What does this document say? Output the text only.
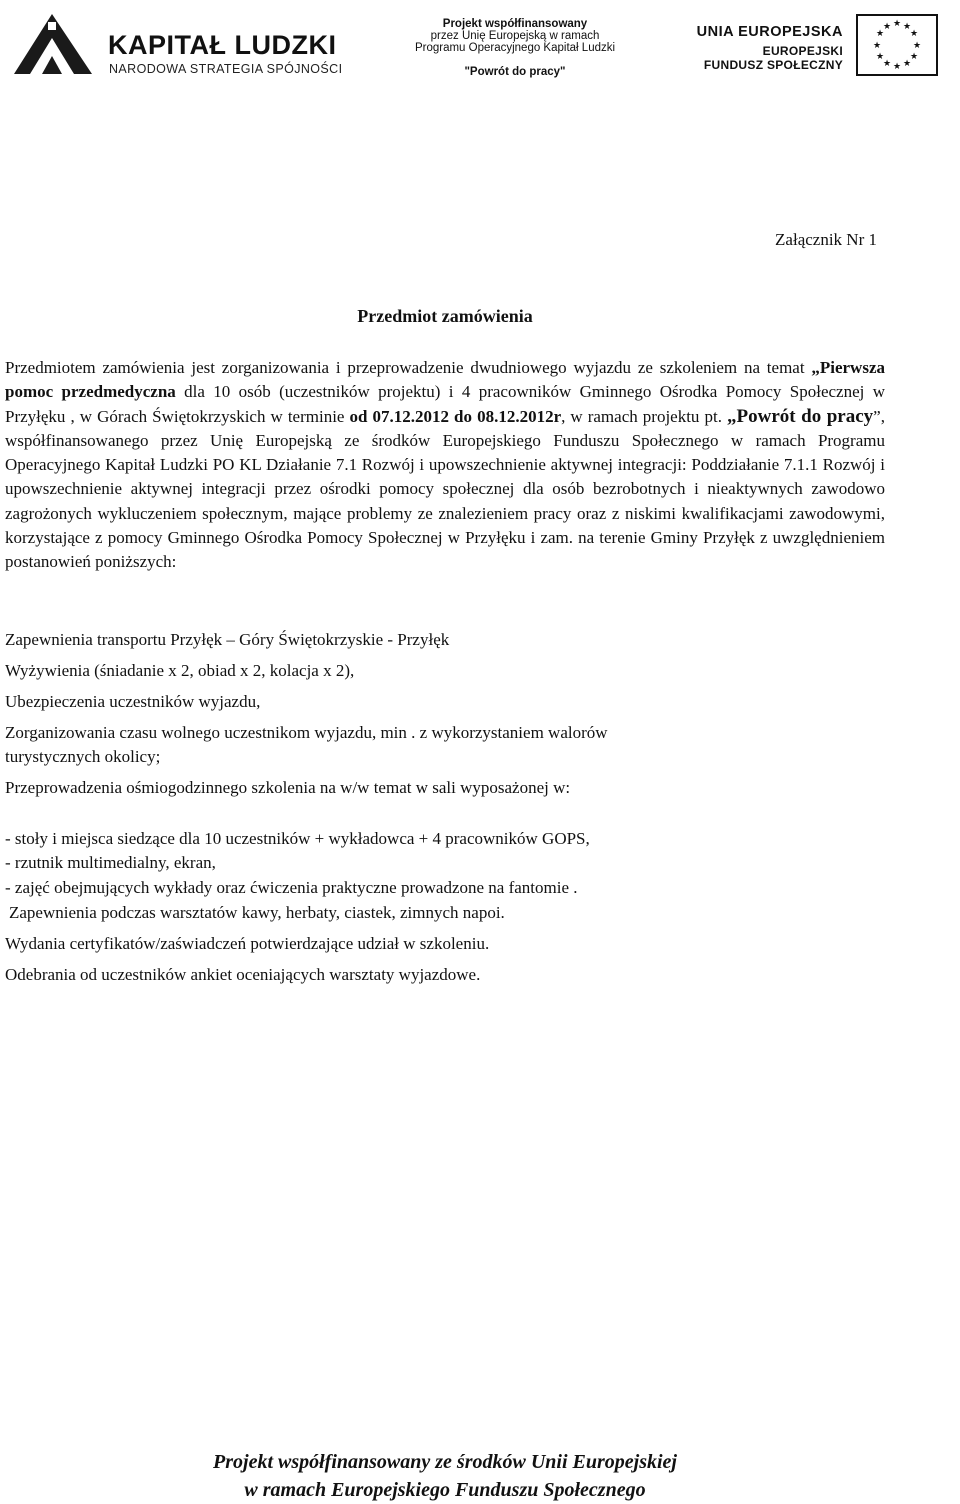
KAPITAŁ LUDZKI
NARODOWA STRATEGIA SPÓJNOŚCI
Projekt współfinansowany
przez Unię Europejską w ramach
Programu Operacyjnego Kapitał Ludzki
"Powrót do pracy"
UNIA EUROPEJSKA
EUROPEJSKI
FUNDUSZ SPOŁECZNY
★ ★
★
★
★
★
★
★
★
★
★
★
Załącznik Nr 1
Przedmiot zamówienia
Przedmiotem zamówienia jest zorganizowania i przeprowadzenie dwudniowego wyjazdu ze szkoleniem na temat „Pierwsza pomoc przedmedyczna dla 10 osób (uczestników projektu) i 4 pracowników Gminnego Ośrodka Pomocy Społecznej w Przyłęku , w Górach Świętokrzyskich w terminie od 07.12.2012 do 08.12.2012r, w ramach projektu pt. „Powrót do pracy”, współfinansowanego przez Unię Europejską ze środków Europejskiego Funduszu Społecznego w ramach Programu Operacyjnego Kapitał Ludzki PO KL Działanie 7.1 Rozwój i upowszechnienie aktywnej integracji: Poddziałanie 7.1.1 Rozwój i upowszechnienie aktywnej integracji przez ośrodki pomocy społecznej dla osób bezrobotnych i nieaktywnych zawodowo zagrożonych wykluczeniem społecznym, mające problemy ze znalezieniem pracy oraz z niskimi kwalifikacjami zawodowymi, korzystające z pomocy Gminnego Ośrodka Pomocy Społecznej w Przyłęku i zam. na terenie Gminy Przyłęk z uwzględnieniem postanowień poniższych:
Zapewnienia transportu Przyłęk – Góry Świętokrzyskie - Przyłęk
Wyżywienia (śniadanie x 2, obiad x 2, kolacja x 2),
Ubezpieczenia uczestników wyjazdu,
Zorganizowania czasu wolnego uczestnikom wyjazdu, min . z wykorzystaniem walorów
turystycznych okolicy;
Przeprowadzenia ośmiogodzinnego szkolenia na w/w temat w sali wyposażonej w:
- stoły i miejsca siedzące dla 10 uczestników + wykładowca + 4 pracowników GOPS,
- rzutnik multimedialny, ekran,
- zajęć obejmujących wykłady oraz ćwiczenia praktyczne prowadzone na fantomie .
Zapewnienia podczas warsztatów kawy, herbaty, ciastek, zimnych napoi.
Wydania certyfikatów/zaświadczeń potwierdzające udział w szkoleniu.
Odebrania od uczestników ankiet oceniających warsztaty wyjazdowe.
Projekt współfinansowany ze środków Unii Europejskiej
w ramach Europejskiego Funduszu Społecznego
